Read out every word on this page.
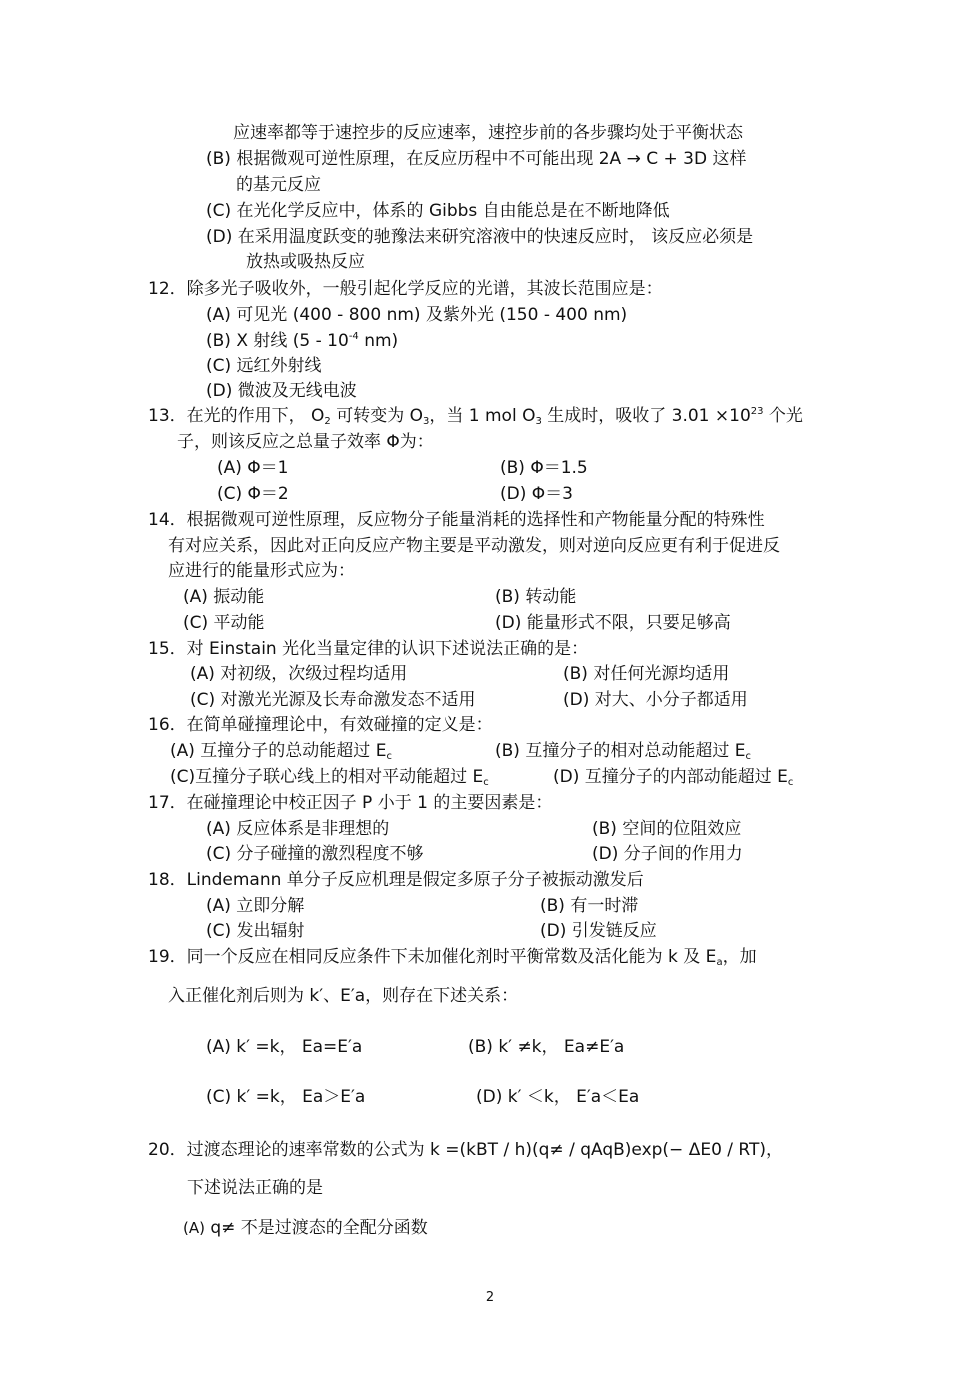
应速率都等于速控步的反应速率，速控步前的各步骤均处于平衡状态
(B) 根据微观可逆性原理，在反应历程中不可能出现 2A → C + 3D 这样
的基元反应
(C) 在光化学反应中，体系的 Gibbs 自由能总是在不断地降低
(D) 在采用温度跃变的驰豫法来研究溶液中的快速反应时， 该反应必须是
放热或吸热反应
12．除多光子吸收外，一般引起化学反应的光谱，其波长范围应是：
(A) 可见光 (400 - 800 nm) 及紫外光 (150 - 400 nm)
(B) X 射线 ($5 - 10^{-4}$ nm)
(C) 远红外射线
(D) 微波及无线电波
13．在光的作用下， $O_2$ 可转变为 $O_3$，当 1 mol $O_3$ 生成时，吸收了 $3.01 \times 10^{23}$ 个光
子，则该反应之总量子效率 Φ为：
(A) Φ＝1	(B) Φ＝1.5
(C) Φ＝2	(D) Φ＝3
14．根据微观可逆性原理，反应物分子能量消耗的选择性和产物能量分配的特殊性
有对应关系，因此对正向反应产物主要是平动激发，则对逆向反应更有利于促进反
应进行的能量形式应为：
(A) 振动能	(B) 转动能
(C) 平动能	(D) 能量形式不限，只要足够高
15．对 Einstain 光化当量定律的认识下述说法正确的是：
(A) 对初级，次级过程均适用	(B) 对任何光源均适用
(C) 对激光光源及长寿命激发态不适用	(D) 对大、小分子都适用
16．在简单碰撞理论中，有效碰撞的定义是：
(A) 互撞分子的总动能超过 $E_c$	(B) 互撞分子的相对总动能超过 $E_c$
(C)互撞分子联心线上的相对平动能超过 $E_c$	(D) 互撞分子的内部动能超过 $E_c$
17．在碰撞理论中校正因子 P 小于 1 的主要因素是：
(A) 反应体系是非理想的	(B) 空间的位阻效应
(C) 分子碰撞的激烈程度不够	(D) 分子间的作用力
18．Lindemann 单分子反应机理是假定多原子分子被振动激发后
(A) 立即分解	(B) 有一时滞
(C) 发出辐射	(D) 引发链反应
19．同一个反应在相同反应条件下未加催化剂时平衡常数及活化能为 k 及 $E_a$，加
入正催化剂后则为 k′、E′a，则存在下述关系：
(A) k′ =k， Ea=E′a	(B) k′ ≠k， Ea≠E′a
(C) k′ =k， Ea＞E′a	(D) k′ ＜k， E′a＜Ea
20．过渡态理论的速率常数的公式为 k =(kBT / h)(q≠ / qAqB)exp(− ΔE0 / RT)，
下述说法正确的是
(A) q≠ 不是过渡态的全配分函数
2
